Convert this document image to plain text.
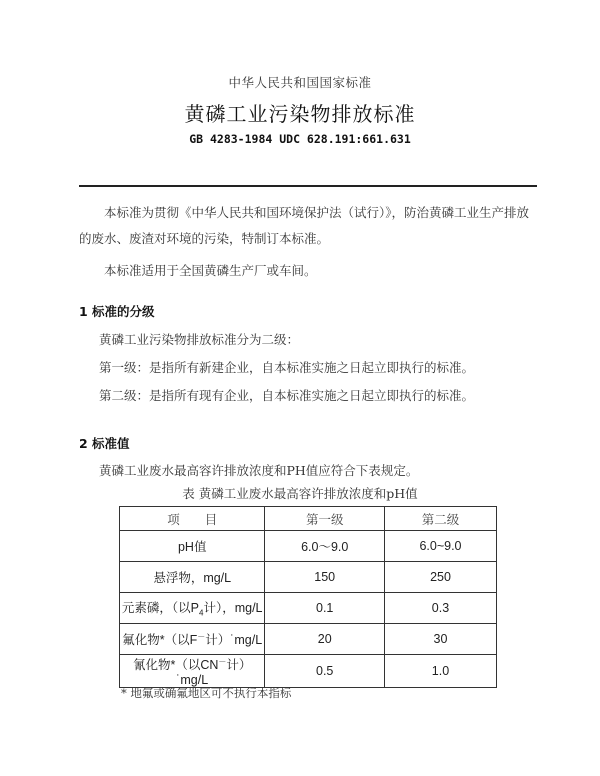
中华人民共和国国家标准
黄磷工业污染物排放标准
GB 4283-1984 UDC 628.191:661.631
本标准为贯彻《中华人民共和国环境保护法（试行）》，防治黄磷工业生产排放的废水、废渣对环境的污染，特制订本标准。
本标准适用于全国黄磷生产厂或车间。
1 标准的分级
黄磷工业污染物排放标准分为二级：
第一级：是指所有新建企业，自本标准实施之日起立即执行的标准。
第二级：是指所有现有企业，自本标准实施之日起立即执行的标准。
2 标准值
黄磷工业废水最高容许排放浓度和PH值应符合下表规定。
表 黄磷工业废水最高容许排放浓度和pH值
项　　目	第一级	第二级
pH值	6.0～9.0	6.0~9.0
悬浮物，mg/L	150	250
元素磷，（以$P_4$计），mg/L	0.1	0.3
氟化物*（以F－计）˙mg/L	20	30
氰化物*（以CN－计）˙mg/L	0.5	1.0
* 地氟或确氟地区可不执行本指标
